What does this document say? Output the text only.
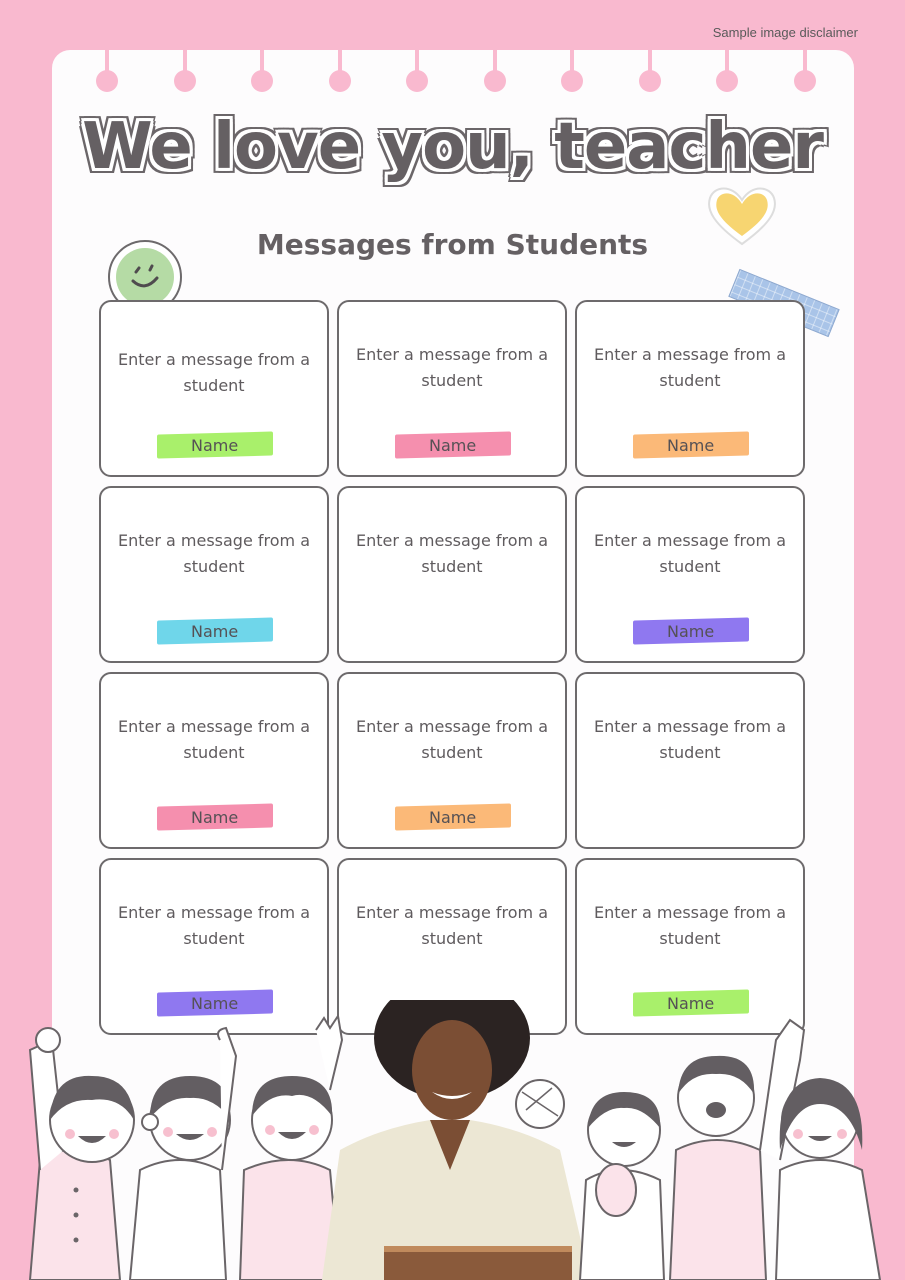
Sample image disclaimer
We love you, teacher
Messages from Students
Enter a message from a student
Name
Enter a message from a student
Name
Enter a message from a student
Name
Enter a message from a student
Name
Enter a message from a student
Enter a message from a student
Name
Enter a message from a student
Name
Enter a message from a student
Name
Enter a message from a student
Enter a message from a student
Name
Enter a message from a student
Enter a message from a student
Name
